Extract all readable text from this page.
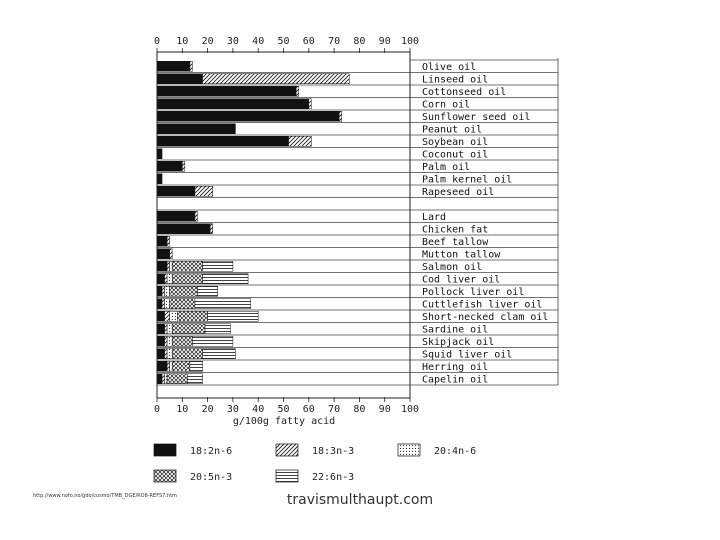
0 10 20 30 40 50 60 70 80 90 100
0 10 20 30 40 50 60 70 80 90 100
Olive oil
Linseed oil
Cottonseed oil
Corn oil
Sunflower seed oil
Peanut oil
Soybean oil
Coconut oil
Palm oil
Palm kernel oil
Rapeseed oil
Lard
Chicken fat
Beef tallow
Mutton tallow
Salmon oil
Cod liver oil
Pollock liver oil
Cuttlefish liver oil
Short-necked clam oil
Sardine oil
Skipjack oil
Squid liver oil
Herring oil
Capelin oil
g/100g fatty acid
18:2n-6	18:3n-3	20:4n-6
20:5n-3	22:6n-3
http://www.nofo.no/gdo/cosmo/TMB_DGE/RO8-REFS7.htm	travismulthaupt.com
